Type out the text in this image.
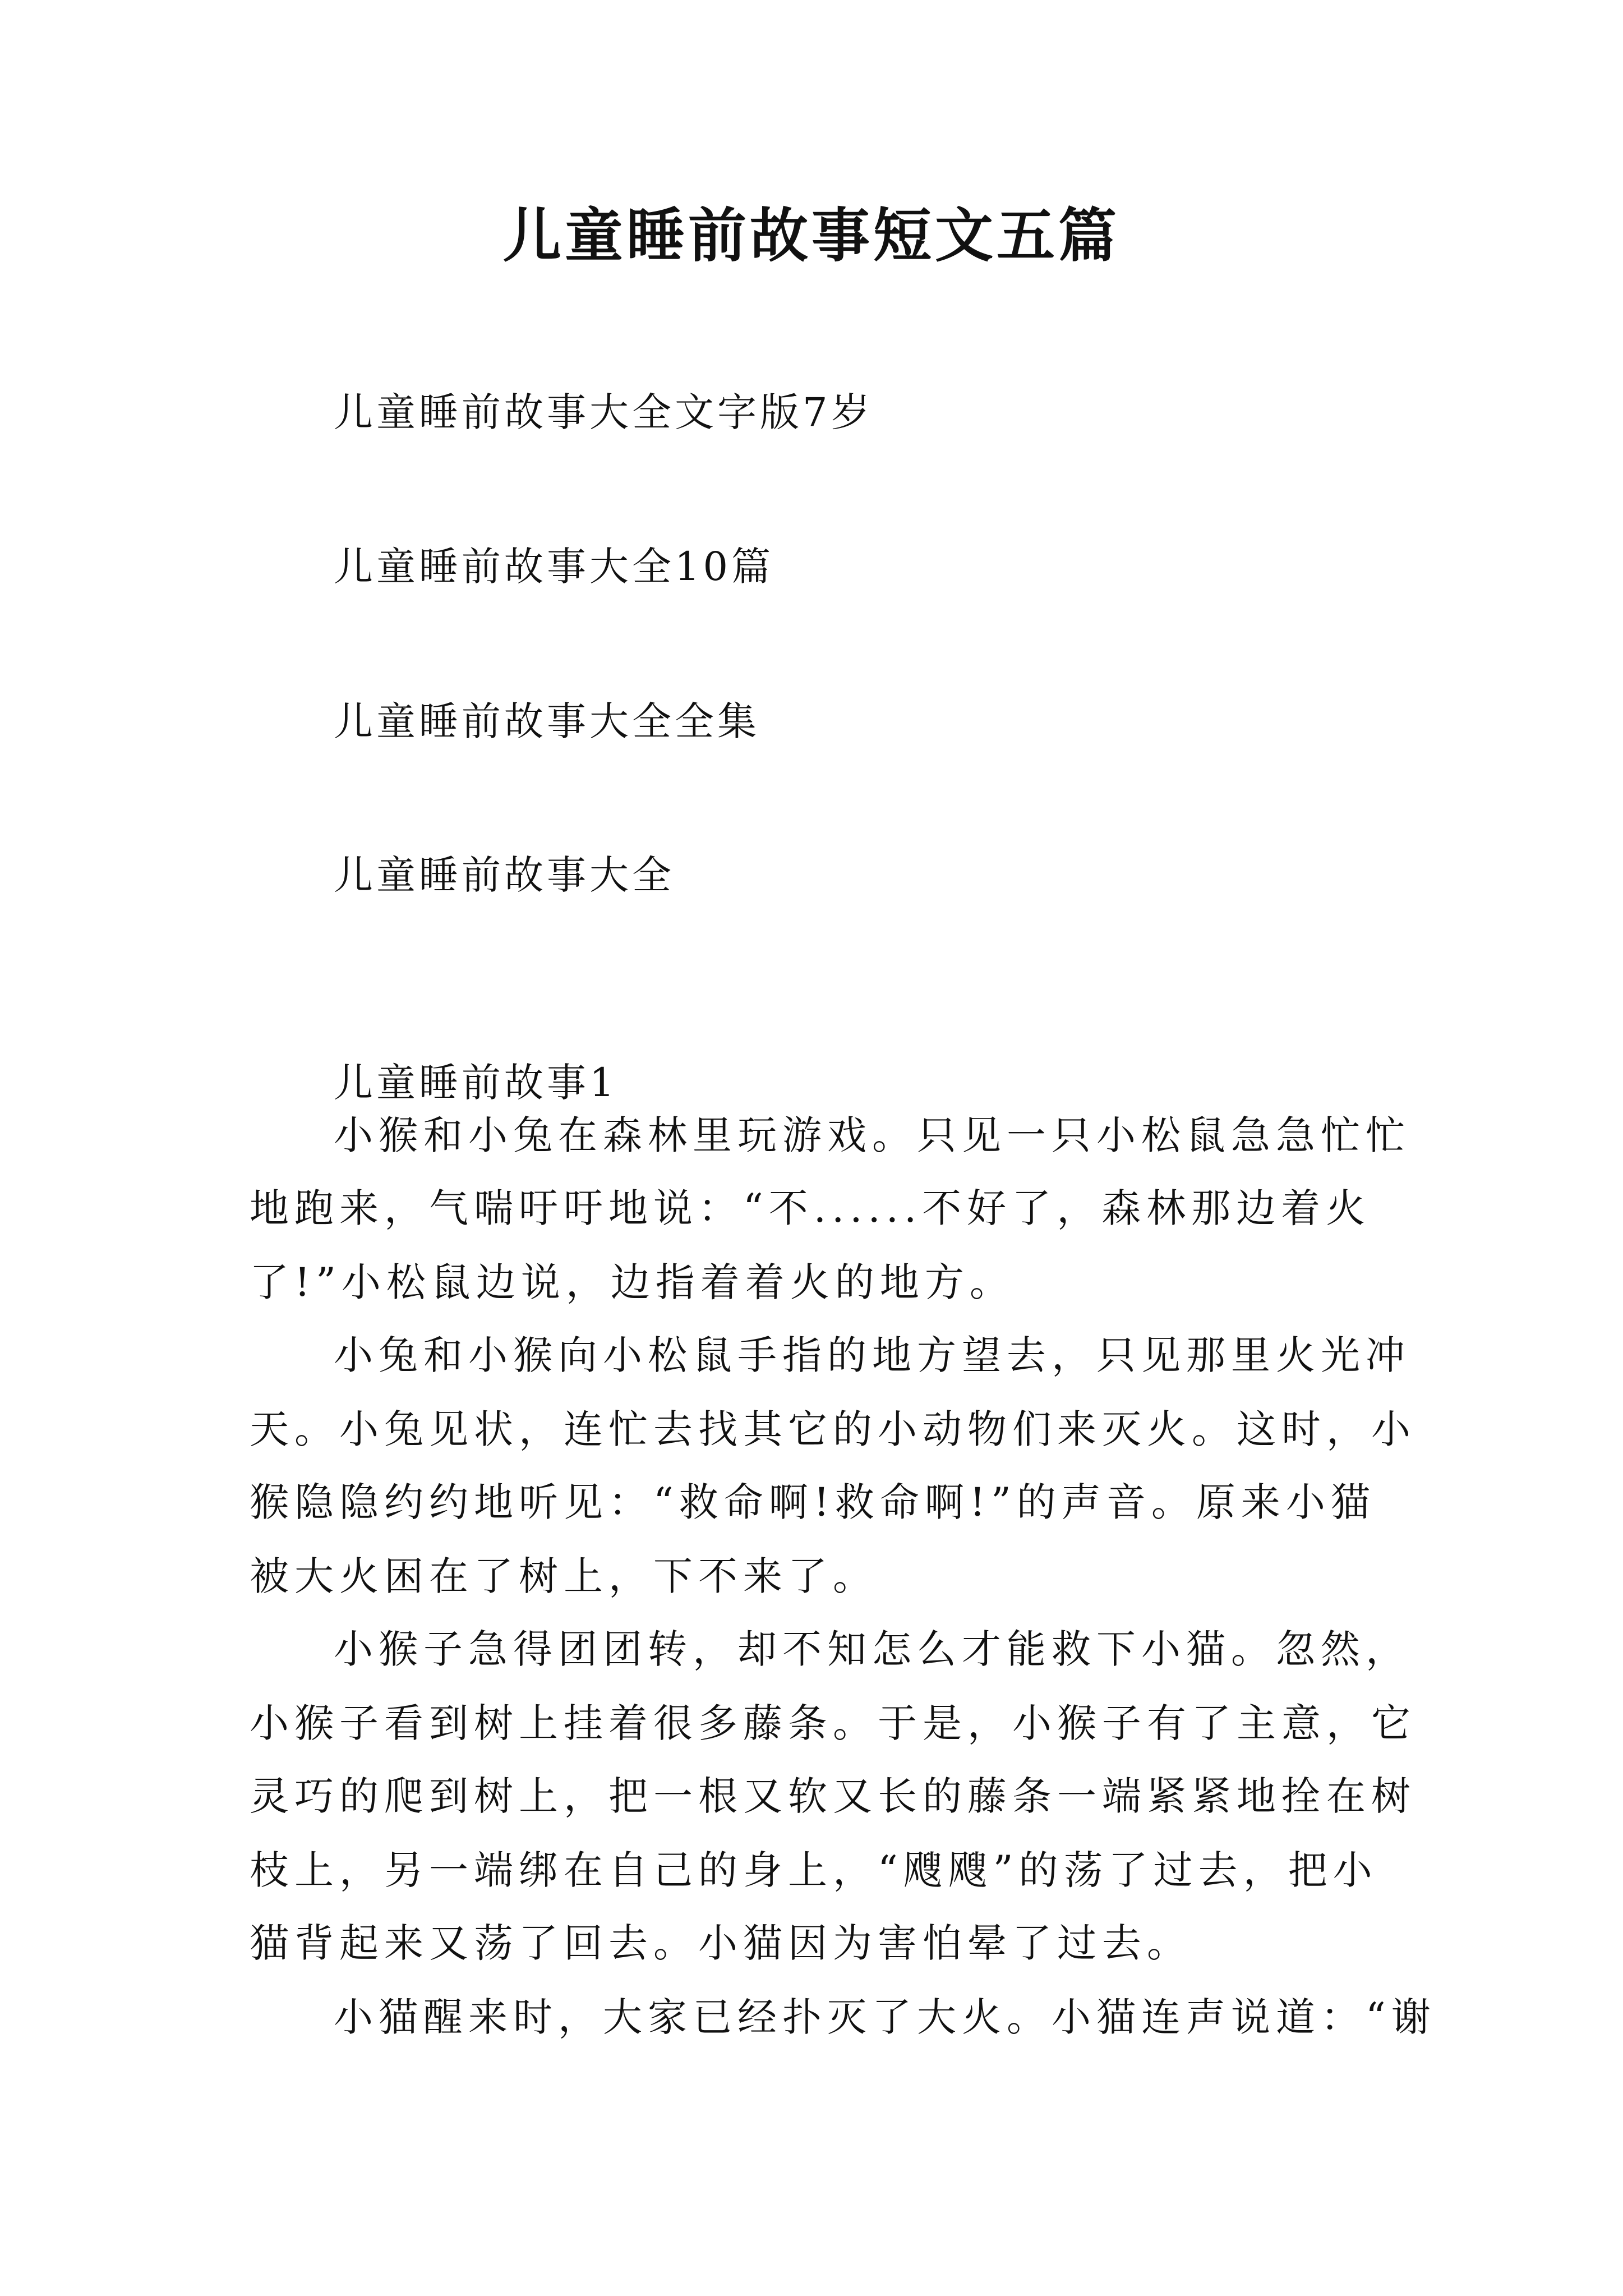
儿童睡前故事短文五篇
儿童睡前故事大全文字版7岁
儿童睡前故事大全10篇
儿童睡前故事大全全集
儿童睡前故事大全
儿童睡前故事1
小猴和小兔在森林里玩游戏。只见一只小松鼠急急忙忙
地跑来，气喘吁吁地说：“不......不好了，森林那边着火
了!”小松鼠边说，边指着着火的地方。
小兔和小猴向小松鼠手指的地方望去，只见那里火光冲
天。小兔见状，连忙去找其它的小动物们来灭火。这时，小
猴隐隐约约地听见：“救命啊!救命啊!”的声音。原来小猫
被大火困在了树上，下不来了。
小猴子急得团团转，却不知怎么才能救下小猫。忽然，
小猴子看到树上挂着很多藤条。于是，小猴子有了主意，它
灵巧的爬到树上，把一根又软又长的藤条一端紧紧地拴在树
枝上，另一端绑在自己的身上，“飕飕”的荡了过去，把小
猫背起来又荡了回去。小猫因为害怕晕了过去。
小猫醒来时，大家已经扑灭了大火。小猫连声说道：“谢
